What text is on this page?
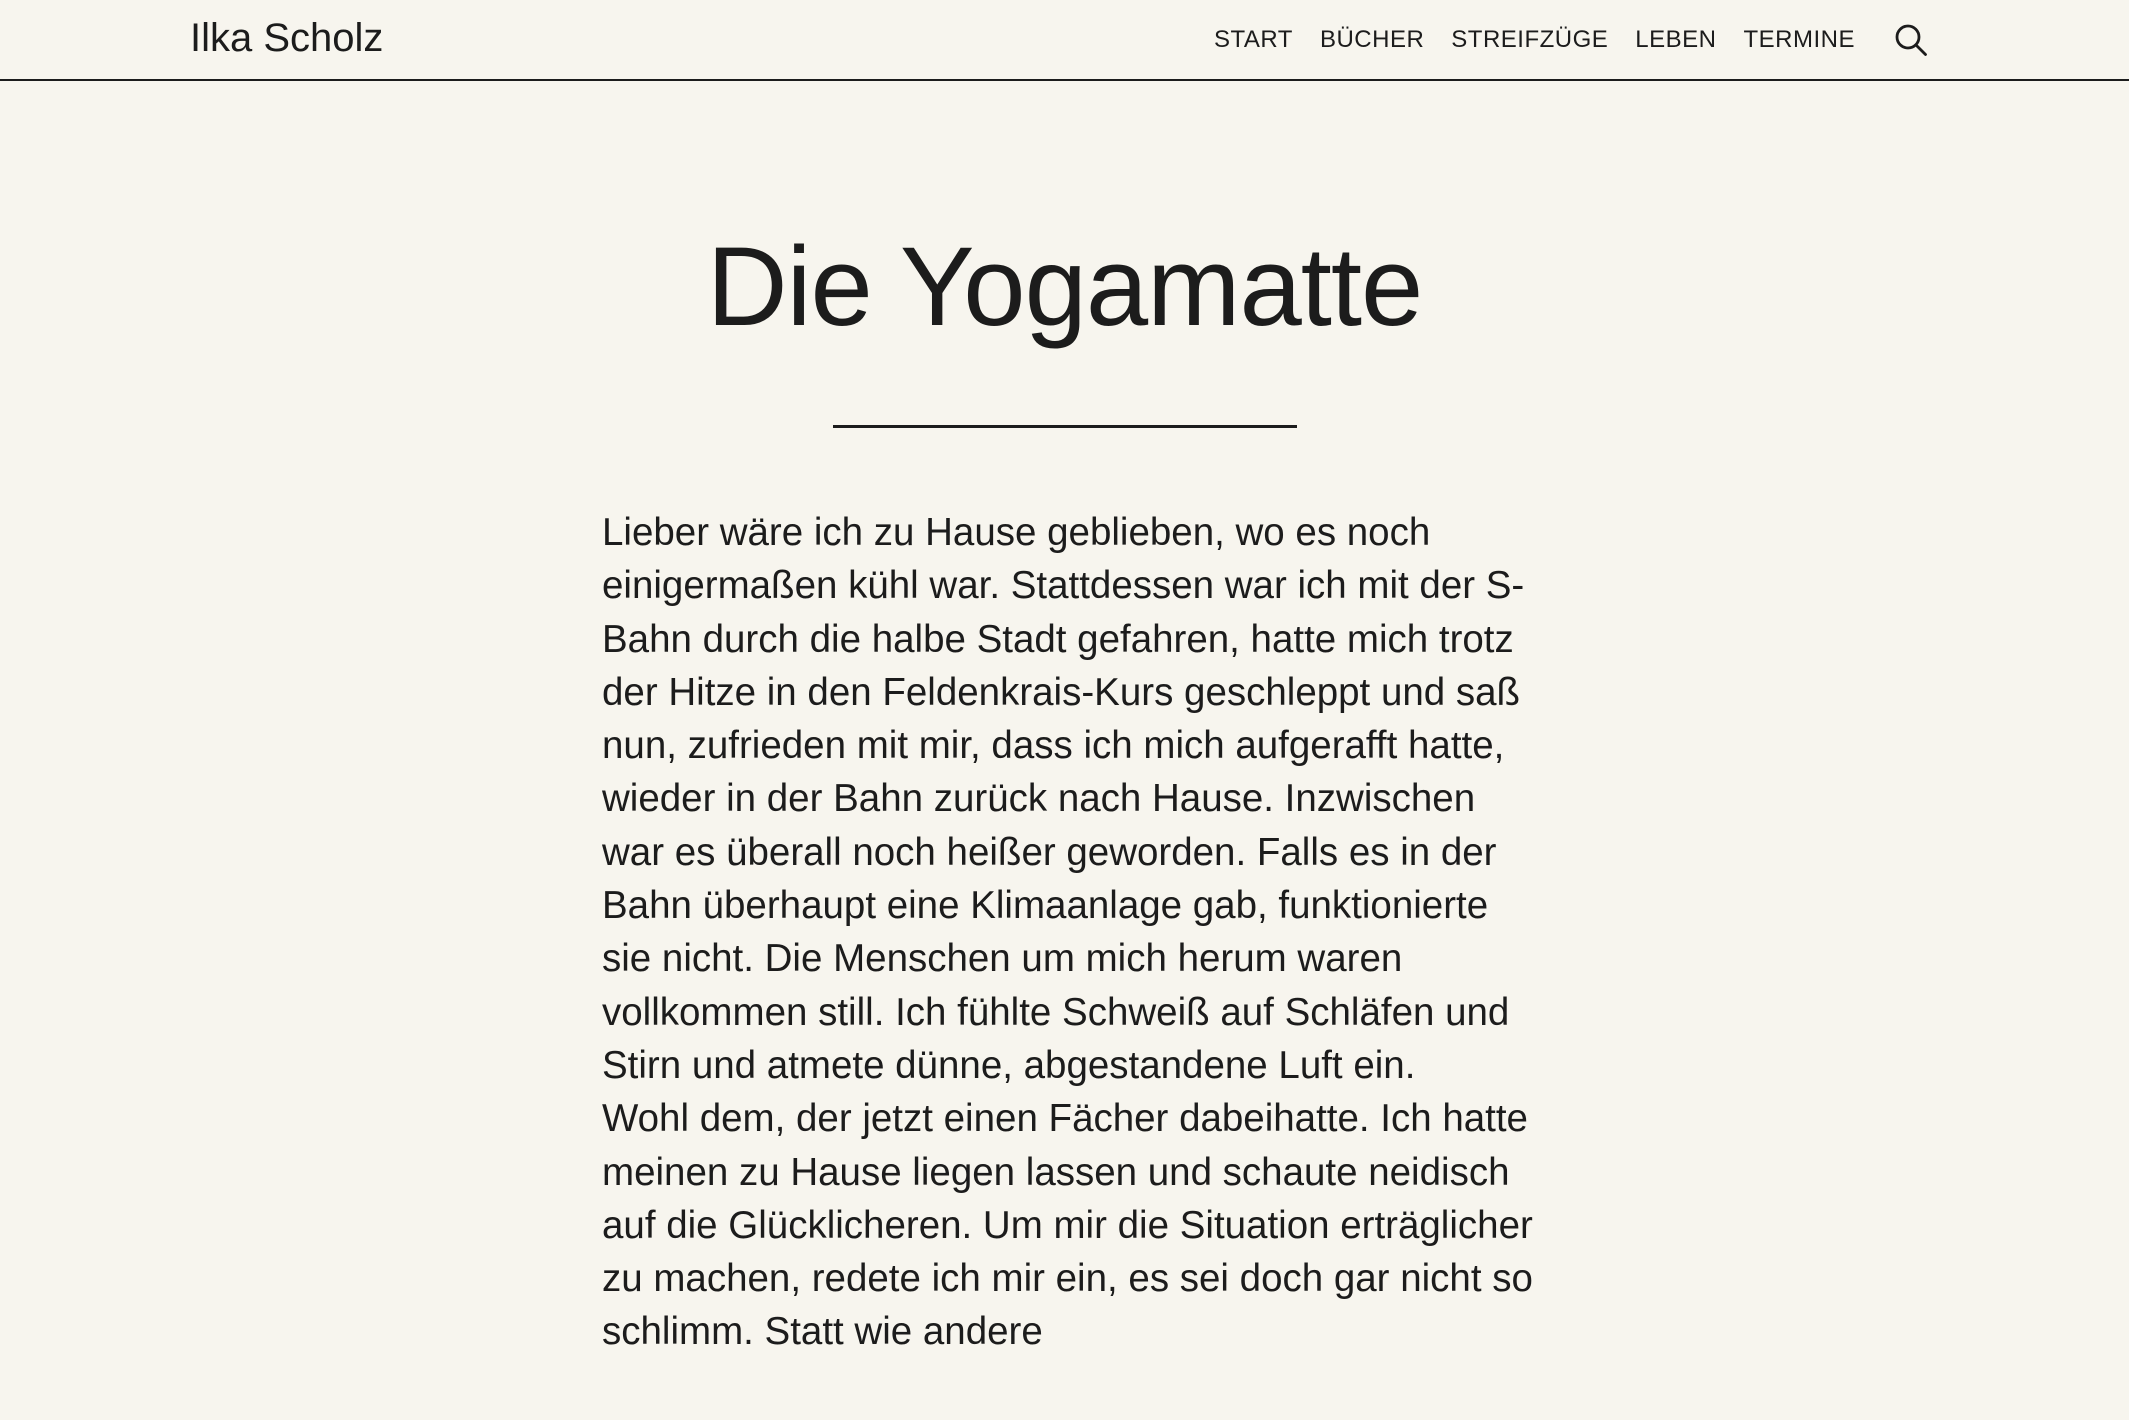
Ilka Scholz	START BÜCHER STREIFZÜGE LEBEN TERMINE
Die Yogamatte

Lieber wäre ich zu Hause geblieben, wo es noch einigermaßen kühl war. Stattdessen war ich mit der S-Bahn durch die halbe Stadt gefahren, hatte mich trotz der Hitze in den Feldenkrais-Kurs geschleppt und saß nun, zufrieden mit mir, dass ich mich aufgerafft hatte, wieder in der Bahn zurück nach Hause. Inzwischen war es überall noch heißer geworden. Falls es in der Bahn überhaupt eine Klimaanlage gab, funktionierte sie nicht. Die Menschen um mich herum waren vollkommen still. Ich fühlte Schweiß auf Schläfen und Stirn und atmete dünne, abgestandene Luft ein.

Wohl dem, der jetzt einen Fächer dabeihatte. Ich hatte meinen zu Hause liegen lassen und schaute neidisch auf die Glücklicheren. Um mir die Situation erträglicher zu machen, redete ich mir ein, es sei doch gar nicht so schlimm. Statt wie andere
